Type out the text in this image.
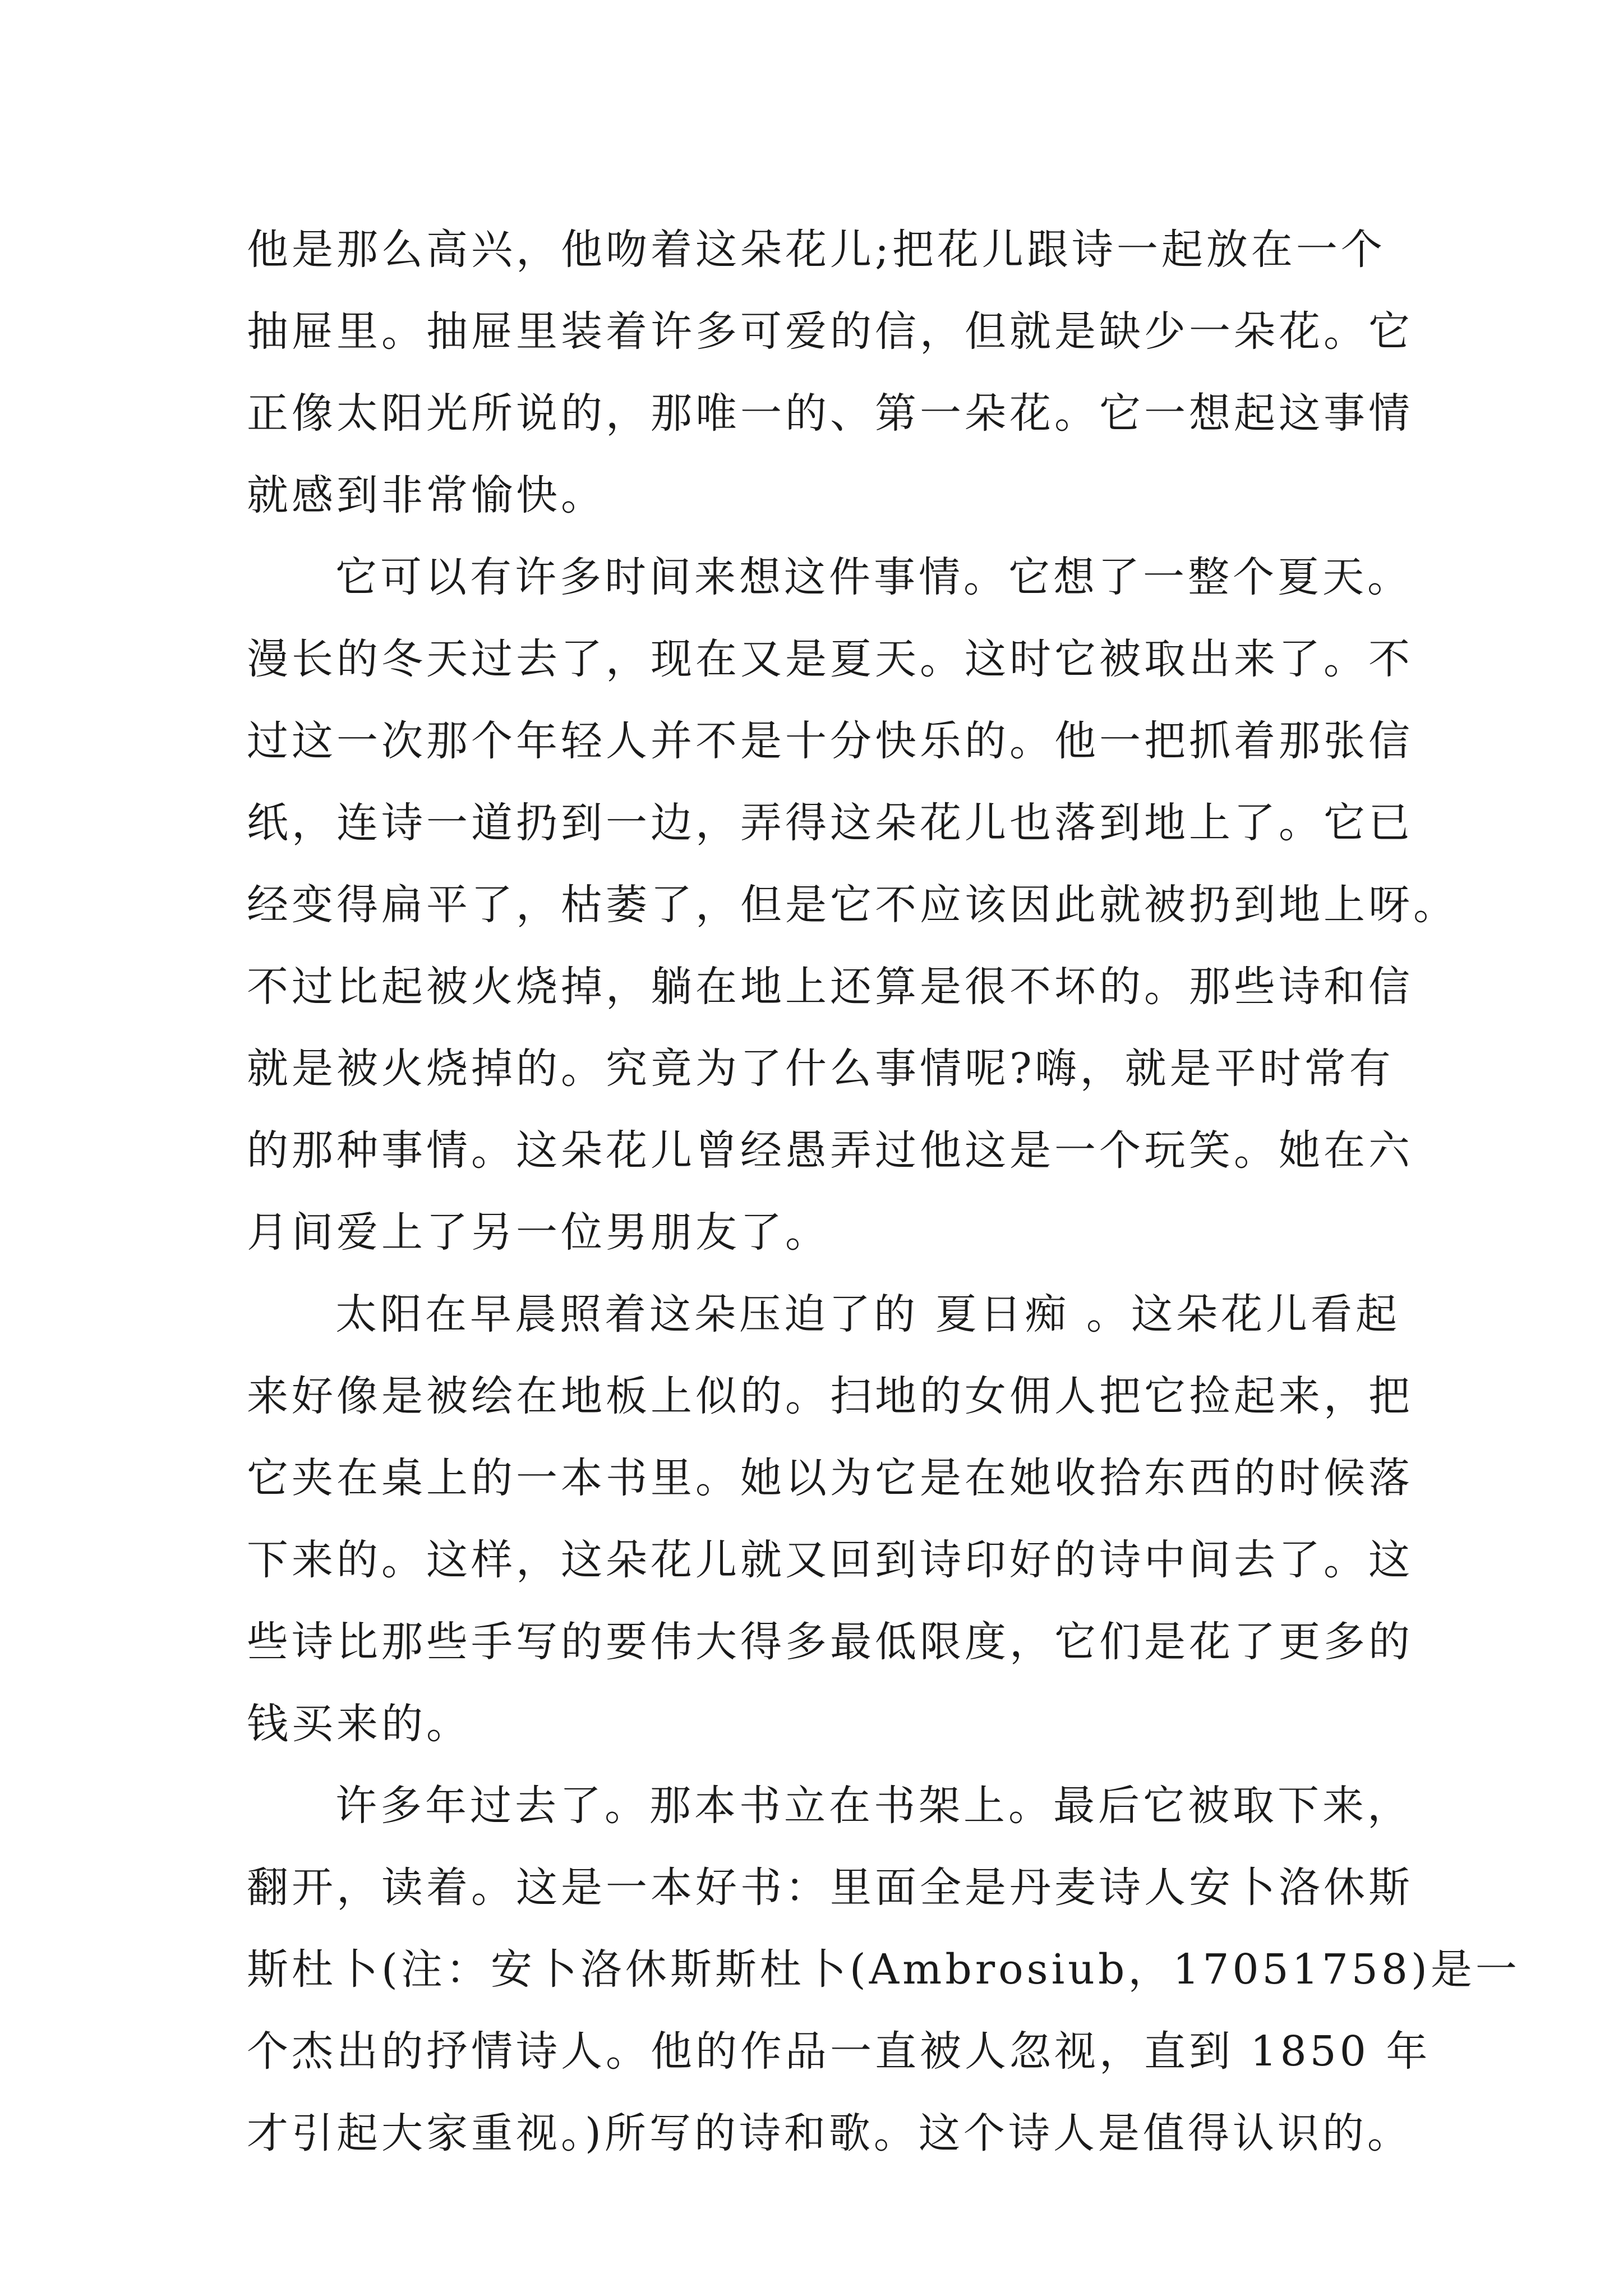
他是那么高兴，他吻着这朵花儿;把花儿跟诗一起放在一个
抽屉里。抽屉里装着许多可爱的信，但就是缺少一朵花。它
正像太阳光所说的，那唯一的、第一朵花。它一想起这事情
就感到非常愉快。

它可以有许多时间来想这件事情。它想了一整个夏天。
漫长的冬天过去了，现在又是夏天。这时它被取出来了。不
过这一次那个年轻人并不是十分快乐的。他一把抓着那张信
纸，连诗一道扔到一边，弄得这朵花儿也落到地上了。它已
经变得扁平了，枯萎了，但是它不应该因此就被扔到地上呀。
不过比起被火烧掉，躺在地上还算是很不坏的。那些诗和信
就是被火烧掉的。究竟为了什么事情呢?嗨，就是平时常有
的那种事情。这朵花儿曾经愚弄过他这是一个玩笑。她在六
月间爱上了另一位男朋友了。

太阳在早晨照着这朵压迫了的 夏日痴 。这朵花儿看起
来好像是被绘在地板上似的。扫地的女佣人把它捡起来，把
它夹在桌上的一本书里。她以为它是在她收拾东西的时候落
下来的。这样，这朵花儿就又回到诗印好的诗中间去了。这
些诗比那些手写的要伟大得多最低限度，它们是花了更多的
钱买来的。

许多年过去了。那本书立在书架上。最后它被取下来，
翻开，读着。这是一本好书：里面全是丹麦诗人安卜洛休斯
斯杜卜(注：安卜洛休斯斯杜卜(Ambrosiub，17051758)是一
个杰出的抒情诗人。他的作品一直被人忽视，直到 1850 年
才引起大家重视。)所写的诗和歌。这个诗人是值得认识的。
